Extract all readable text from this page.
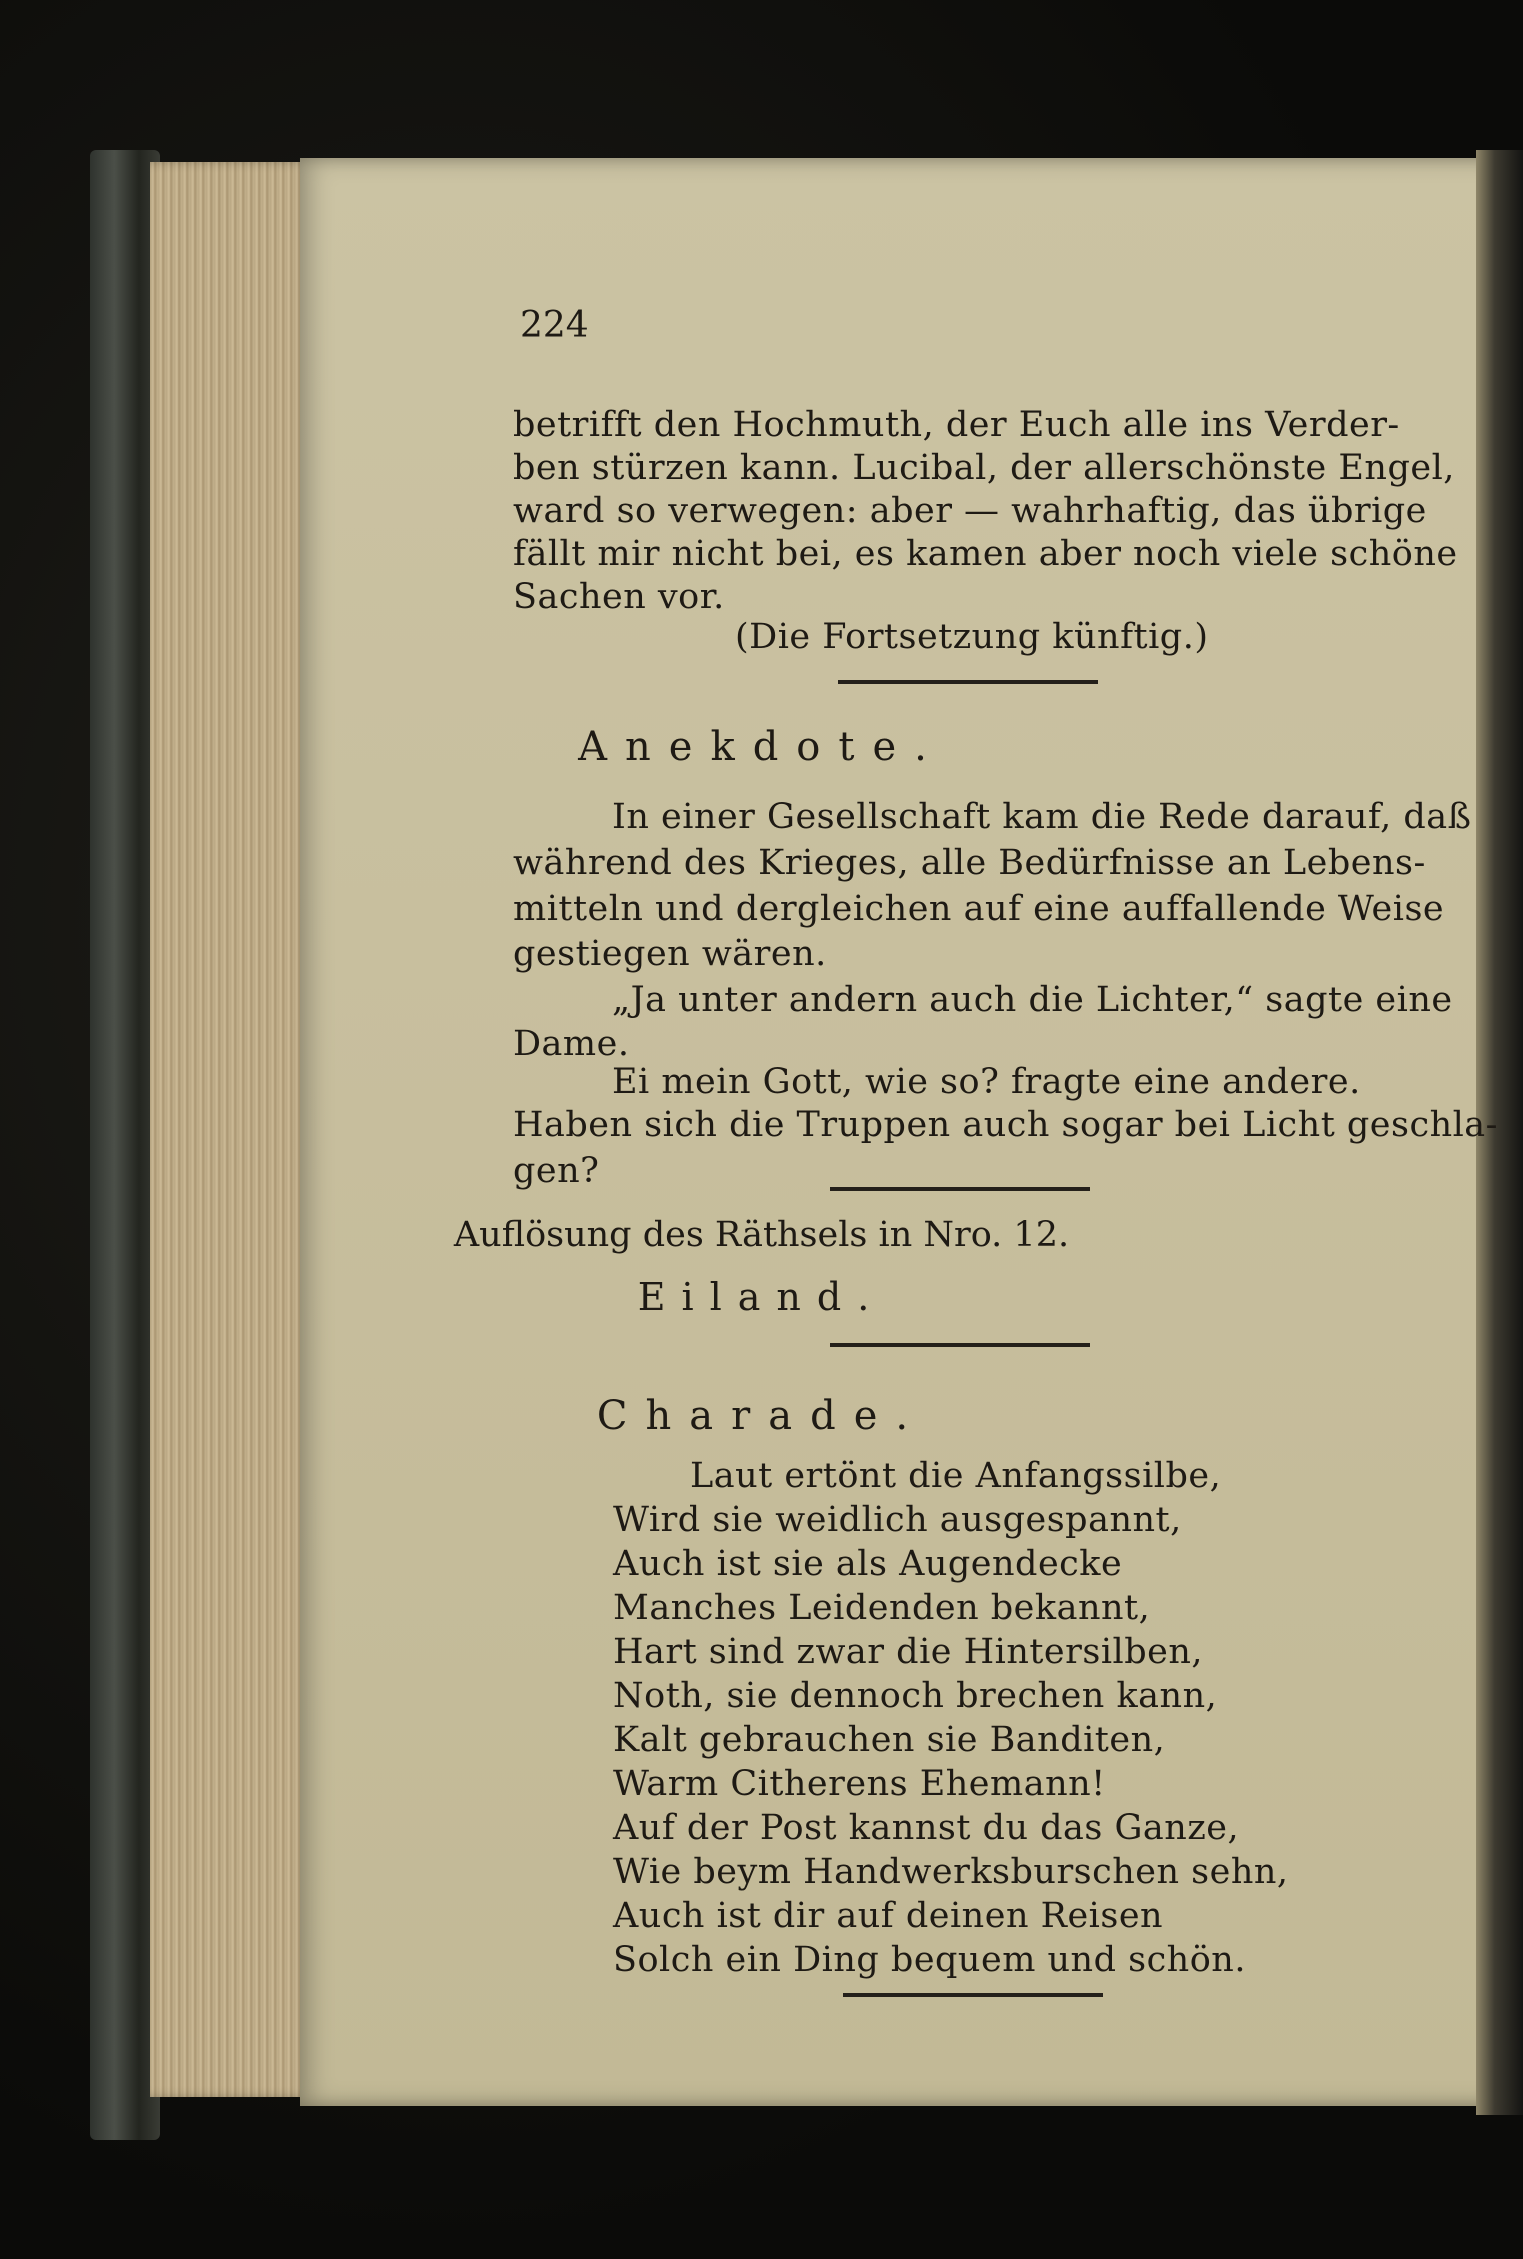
224
betrifft den Hochmuth, der Euch alle ins Verder-
ben stürzen kann. Lucibal, der allerschönste Engel,
ward so verwegen: aber — wahrhaftig, das übrige
fällt mir nicht bei, es kamen aber noch viele schöne
Sachen vor.
(Die Fortsetzung künftig.)
Anekdote.
In einer Gesellschaft kam die Rede darauf, daß
während des Krieges, alle Bedürfnisse an Lebens-
mitteln und dergleichen auf eine auffallende Weise
gestiegen wären.
„Ja unter andern auch die Lichter,“ sagte eine
Dame.
Ei mein Gott, wie so? fragte eine andere.
Haben sich die Truppen auch sogar bei Licht geschla-
gen?
Auflösung des Räthsels in Nro. 12.
Eiland.
Charade.
Laut ertönt die Anfangssilbe,
Wird sie weidlich ausgespannt,
Auch ist sie als Augendecke
Manches Leidenden bekannt,
Hart sind zwar die Hintersilben,
Noth, sie dennoch brechen kann,
Kalt gebrauchen sie Banditen,
Warm Citherens Ehemann!
Auf der Post kannst du das Ganze,
Wie beym Handwerksburschen sehn,
Auch ist dir auf deinen Reisen
Solch ein Ding bequem und schön.
